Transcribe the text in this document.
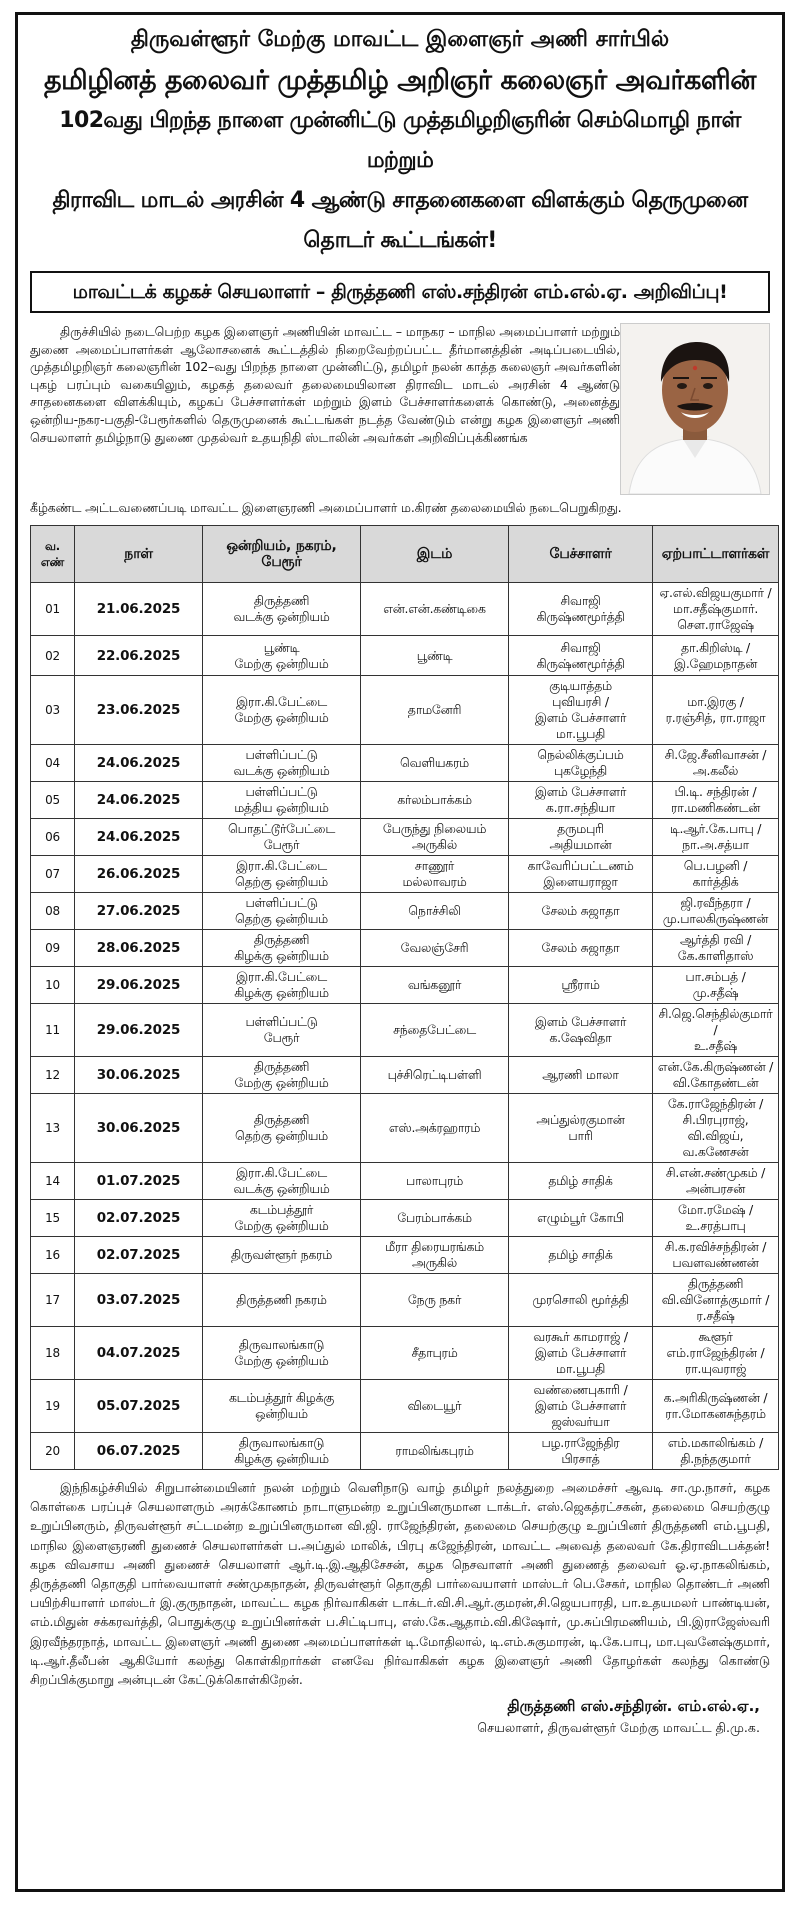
திருவள்ளூர் மேற்கு மாவட்ட இளைஞர் அணி சார்பில்
தமிழினத் தலைவர் முத்தமிழ் அறிஞர் கலைஞர் அவர்களின்
102வது பிறந்த நாளை முன்னிட்டு முத்தமிழறிஞரின் செம்மொழி நாள் மற்றும்
திராவிட மாடல் அரசின் 4 ஆண்டு சாதனைகளை விளக்கும் தெருமுனை தொடர் கூட்டங்கள்!
மாவட்டக் கழகச் செயலாளர் – திருத்தணி எஸ்.சந்திரன் எம்.எல்.ஏ. அறிவிப்பு!
திருச்சியில் நடைபெற்ற கழக இளைஞர் அணியின் மாவட்ட – மாநகர – மாநில அமைப்பாளர் மற்றும் துணை அமைப்பாளர்கள் ஆலோசனைக் கூட்டத்தில் நிறைவேற்றப்பட்ட தீர்மானத்தின் அடிப்படையில், முத்தமிழறிஞர் கலைஞரின் 102–வது பிறந்த நாளை முன்னிட்டு, தமிழர் நலன் காத்த கலைஞர் அவர்களின் புகழ் பரப்பும் வகையிலும், கழகத் தலைவர் தலைமையிலான திராவிட மாடல் அரசின் 4 ஆண்டு சாதனைகளை விளக்கியும், கழகப் பேச்சாளர்கள் மற்றும் இளம் பேச்சாளர்களைக் கொண்டு, அனைத்து ஒன்றிய-நகர-பகுதி-பேரூர்களில் தெருமுனைக் கூட்டங்கள் நடத்த வேண்டும் என்று கழக இளைஞர் அணி செயலாளர் தமிழ்நாடு துணை முதல்வர் உதயநிதி ஸ்டாலின் அவர்கள் அறிவிப்புக்கிணங்க
கீழ்கண்ட அட்டவணைப்படி மாவட்ட இளைஞரணி அமைப்பாளர் ம.கிரண் தலைமையில் நடைபெறுகிறது.
வ. எண்	நாள்	ஒன்றியம், நகரம், பேரூர்	இடம்	பேச்சாளர்	ஏற்பாட்டாளர்கள்
01	21.06.2025	திருத்தணி
வடக்கு ஒன்றியம்	என்.என்.கண்டிகை	சிவாஜி
கிருஷ்ணமூர்த்தி	ஏ.எல்.விஜயகுமார் /
மா.சதீஷ்குமார்.
சௌ.ராஜேஷ்
02	22.06.2025	பூண்டி
மேற்கு ஒன்றியம்	பூண்டி	சிவாஜி
கிருஷ்ணமூர்த்தி	தா.கிறிஸ்டி /
இ.ஹேமநாதன்
03	23.06.2025	இரா.கி.பேட்டை
மேற்கு ஒன்றியம்	தாமனேரி	குடியாத்தம்
புவியரசி /
இளம் பேச்சாளர்
மா.பூபதி	மா.இரகு /
ர.ரஞ்சித், ரா.ராஜா
04	24.06.2025	பள்ளிப்பட்டு
வடக்கு ஒன்றியம்	வெளியகரம்	நெல்லிக்குப்பம்
புகழேந்தி	சி.ஜே.சீனிவாசன் /
அ.கலீல்
05	24.06.2025	பள்ளிப்பட்டு
மத்திய ஒன்றியம்	கர்லம்பாக்கம்	இளம் பேச்சாளர்
க.ரா.சந்தியா	பி.டி. சந்திரன் /
ரா.மணிகண்டன்
06	24.06.2025	பொதட்டூர்பேட்டை
பேரூர்	பேருந்து நிலையம்
அருகில்	தருமபுரி
அதியமான்	டி.ஆர்.கே.பாபு /
நா.அ.சத்யா
07	26.06.2025	இரா.கி.பேட்டை
தெற்கு ஒன்றியம்	சாணூர்
மல்லாவரம்	காவேரிப்பட்டணம்
இளையராஜா	பெ.பழனி /
கார்த்திக்
08	27.06.2025	பள்ளிப்பட்டு
தெற்கு ஒன்றியம்	நொச்சிலி	சேலம் சுஜாதா	ஜி.ரவீந்தரா /
மு.பாலகிருஷ்ணன்
09	28.06.2025	திருத்தணி
கிழக்கு ஒன்றியம்	வேலஞ்சேரி	சேலம் சுஜாதா	ஆர்த்தி ரவி /
கே.காளிதாஸ்
10	29.06.2025	இரா.கி.பேட்டை
கிழக்கு ஒன்றியம்	வங்கனூர்	ஸ்ரீராம்	பா.சம்பத் /
மு.சதீஷ்
11	29.06.2025	பள்ளிப்பட்டு
பேரூர்	சந்தைபேட்டை	இளம் பேச்சாளர்
க.ஷேவிதா	சி.ஜெ.செந்தில்குமார் /
உ.சதீஷ்
12	30.06.2025	திருத்தணி
மேற்கு ஒன்றியம்	புச்சிரெட்டிபள்ளி	ஆரணி மாலா	என்.கே.கிருஷ்ணன் /
வி.கோதண்டன்
13	30.06.2025	திருத்தணி
தெற்கு ஒன்றியம்	எஸ்.அக்ரஹாரம்	அப்துல்ரகுமான்
பாரி	கே.ராஜேந்திரன் /
சி.பிரபுராஜ், வி.விஜய்,
வ.கணேசன்
14	01.07.2025	இரா.கி.பேட்டை
வடக்கு ஒன்றியம்	பாலாபுரம்	தமிழ் சாதிக்	சி.என்.சண்முகம் /
அன்பரசன்
15	02.07.2025	கடம்பத்தூர்
மேற்கு ஒன்றியம்	பேரம்பாக்கம்	எழும்பூர் கோபி	மோ.ரமேஷ் /
உ.சரத்பாபு
16	02.07.2025	திருவள்ளூர் நகரம்	மீரா திரையரங்கம்
அருகில்	தமிழ் சாதிக்	சி.க.ரவிச்சந்திரன் /
பவளவண்ணன்
17	03.07.2025	திருத்தணி நகரம்	நேரு நகர்	முரசொலி மூர்த்தி	திருத்தணி
வி.வினோத்குமார் /
ர.சதீஷ்
18	04.07.2025	திருவாலங்காடு
மேற்கு ஒன்றியம்	சீதாபுரம்	வரகூர் காமராஜ் /
இளம் பேச்சாளர்
மா.பூபதி	கூளூர்
எம்.ராஜேந்திரன் /
ரா.யுவராஜ்
19	05.07.2025	கடம்பத்தூர் கிழக்கு
ஒன்றியம்	விடையூர்	வண்ணைபுகாரி /
இளம் பேச்சாளர்
ஜஸ்வர்யா	க.அரிகிருஷ்ணன் /
ரா.மோகனசுந்தரம்
20	06.07.2025	திருவாலங்காடு
கிழக்கு ஒன்றியம்	ராமலிங்கபுரம்	பழ.ராஜேந்திர
பிரசாத்	எம்.மகாலிங்கம் /
தி.நந்தகுமார்
இந்நிகழ்ச்சியில் சிறுபான்மையினர் நலன் மற்றும் வெளிநாடு வாழ் தமிழர் நலத்துறை அமைச்சர் ஆவடி சா.மு.நாசர், கழக கொள்கை பரப்புச் செயலாளரும் அரக்கோணம் நாடாளுமன்ற உறுப்பினருமான டாக்டர். எஸ்.ஜெகத்ரட்சகன், தலைமை செயற்குழு உறுப்பினரும், திருவள்ளூர் சட்டமன்ற உறுப்பினருமான வி.ஜி. ராஜேந்திரன், தலைமை செயற்குழு உறுப்பினர் திருத்தணி எம்.பூபதி, மாநில இளைஞரணி துணைச் செயலாளர்கள் ப.அப்துல் மாலிக், பிரபு கஜேந்திரன், மாவட்ட அவைத் தலைவர் கே.திராவிடபக்தன்! கழக விவசாய அணி துணைச் செயலாளர் ஆர்.டி.இ.ஆதிசேசன், கழக நெசவாளர் அணி துணைத் தலைவர் ஓ.ஏ.நாகலிங்கம், திருத்தணி தொகுதி பார்வையாளர் சண்முகநாதன், திருவள்ளூர் தொகுதி பார்வையாளர் மாஸ்டர் பெ.சேகர், மாநில தொண்டர் அணி பயிற்சியாளர் மாஸ்டர் இ.குருநாதன், மாவட்ட கழக நிர்வாகிகள் டாக்டர்.வி.சி.ஆர்.குமரன்,சி.ஜெயபாரதி, பா.உதயமலர் பாண்டியன், எம்.மிதுன் சக்கரவர்த்தி, பொதுக்குழு உறுப்பினர்கள் ப.சிட்டிபாபு, எஸ்.கே.ஆதாம்.வி.கிஷோர், மு.சுப்பிரமணியம், பி.இராஜேஸ்வரி இரவீந்தரநாத், மாவட்ட இளைஞர் அணி துணை அமைப்பாளர்கள் டி.மோதிலால், டி.எம்.சுகுமாரன், டி.கே.பாபு, மா.புவனேஷ்குமார், டி.ஆர்.தீலீபன் ஆகியோர் கலந்து கொள்கிறார்கள் எனவே நிர்வாகிகள் கழக இளைஞர் அணி தோழர்கள் கலந்து கொண்டு சிறப்பிக்குமாறு அன்புடன் கேட்டுக்கொள்கிறேன்.
திருத்தணி எஸ்.சந்திரன். எம்.எல்.ஏ.,
செயலாளர், திருவள்ளூர் மேற்கு மாவட்ட தி.மு.க.
